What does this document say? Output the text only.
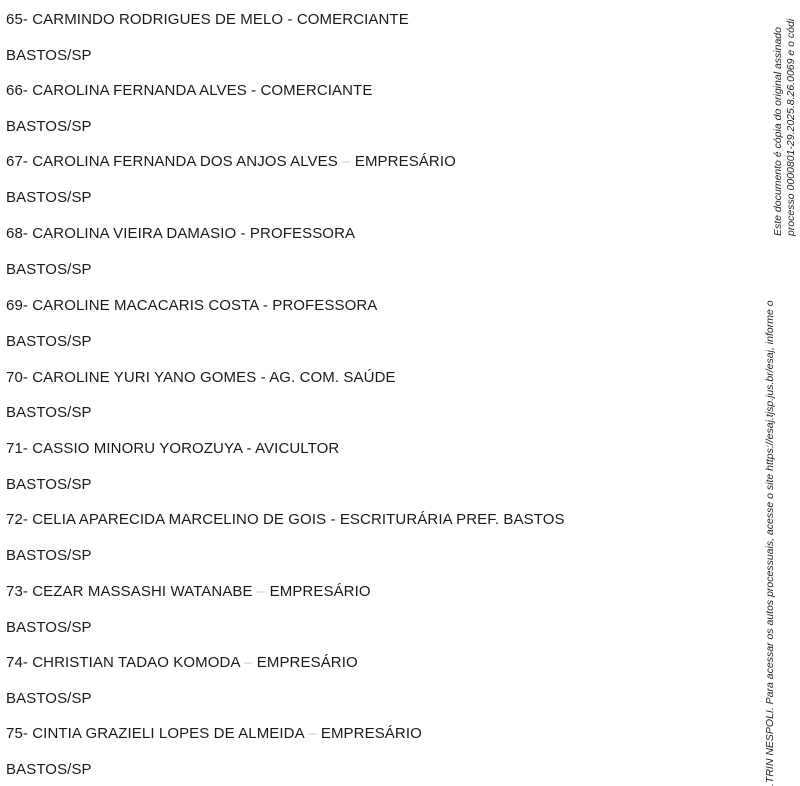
65- CARMINDO RODRIGUES DE MELO - COMERCIANTE
BASTOS/SP
66- CAROLINA FERNANDA ALVES - COMERCIANTE
BASTOS/SP
67- CAROLINA FERNANDA DOS ANJOS ALVES – EMPRESÁRIO
BASTOS/SP
68- CAROLINA VIEIRA DAMASIO - PROFESSORA
BASTOS/SP
69- CAROLINE MACACARIS COSTA - PROFESSORA
BASTOS/SP
70- CAROLINE YURI YANO GOMES - AG. COM. SAÚDE
BASTOS/SP
71- CASSIO MINORU YOROZUYA - AVICULTOR
BASTOS/SP
72- CELIA APARECIDA MARCELINO DE GOIS - ESCRITURÁRIA PREF. BASTOS
BASTOS/SP
73- CEZAR MASSASHI WATANABE – EMPRESÁRIO
BASTOS/SP
74- CHRISTIAN TADAO KOMODA – EMPRESÁRIO
BASTOS/SP
75- CINTIA GRAZIELI LOPES DE ALMEIDA – EMPRESÁRIO
BASTOS/SP	.TRIN NESPOLI. Para acessar os autos processuais, acesse o site https://esaj.tjsp.jus.br/esaj, informe o
Este documento é cópia do original assinado processo 0000801-29.2025.8.26.0069 e o códi
